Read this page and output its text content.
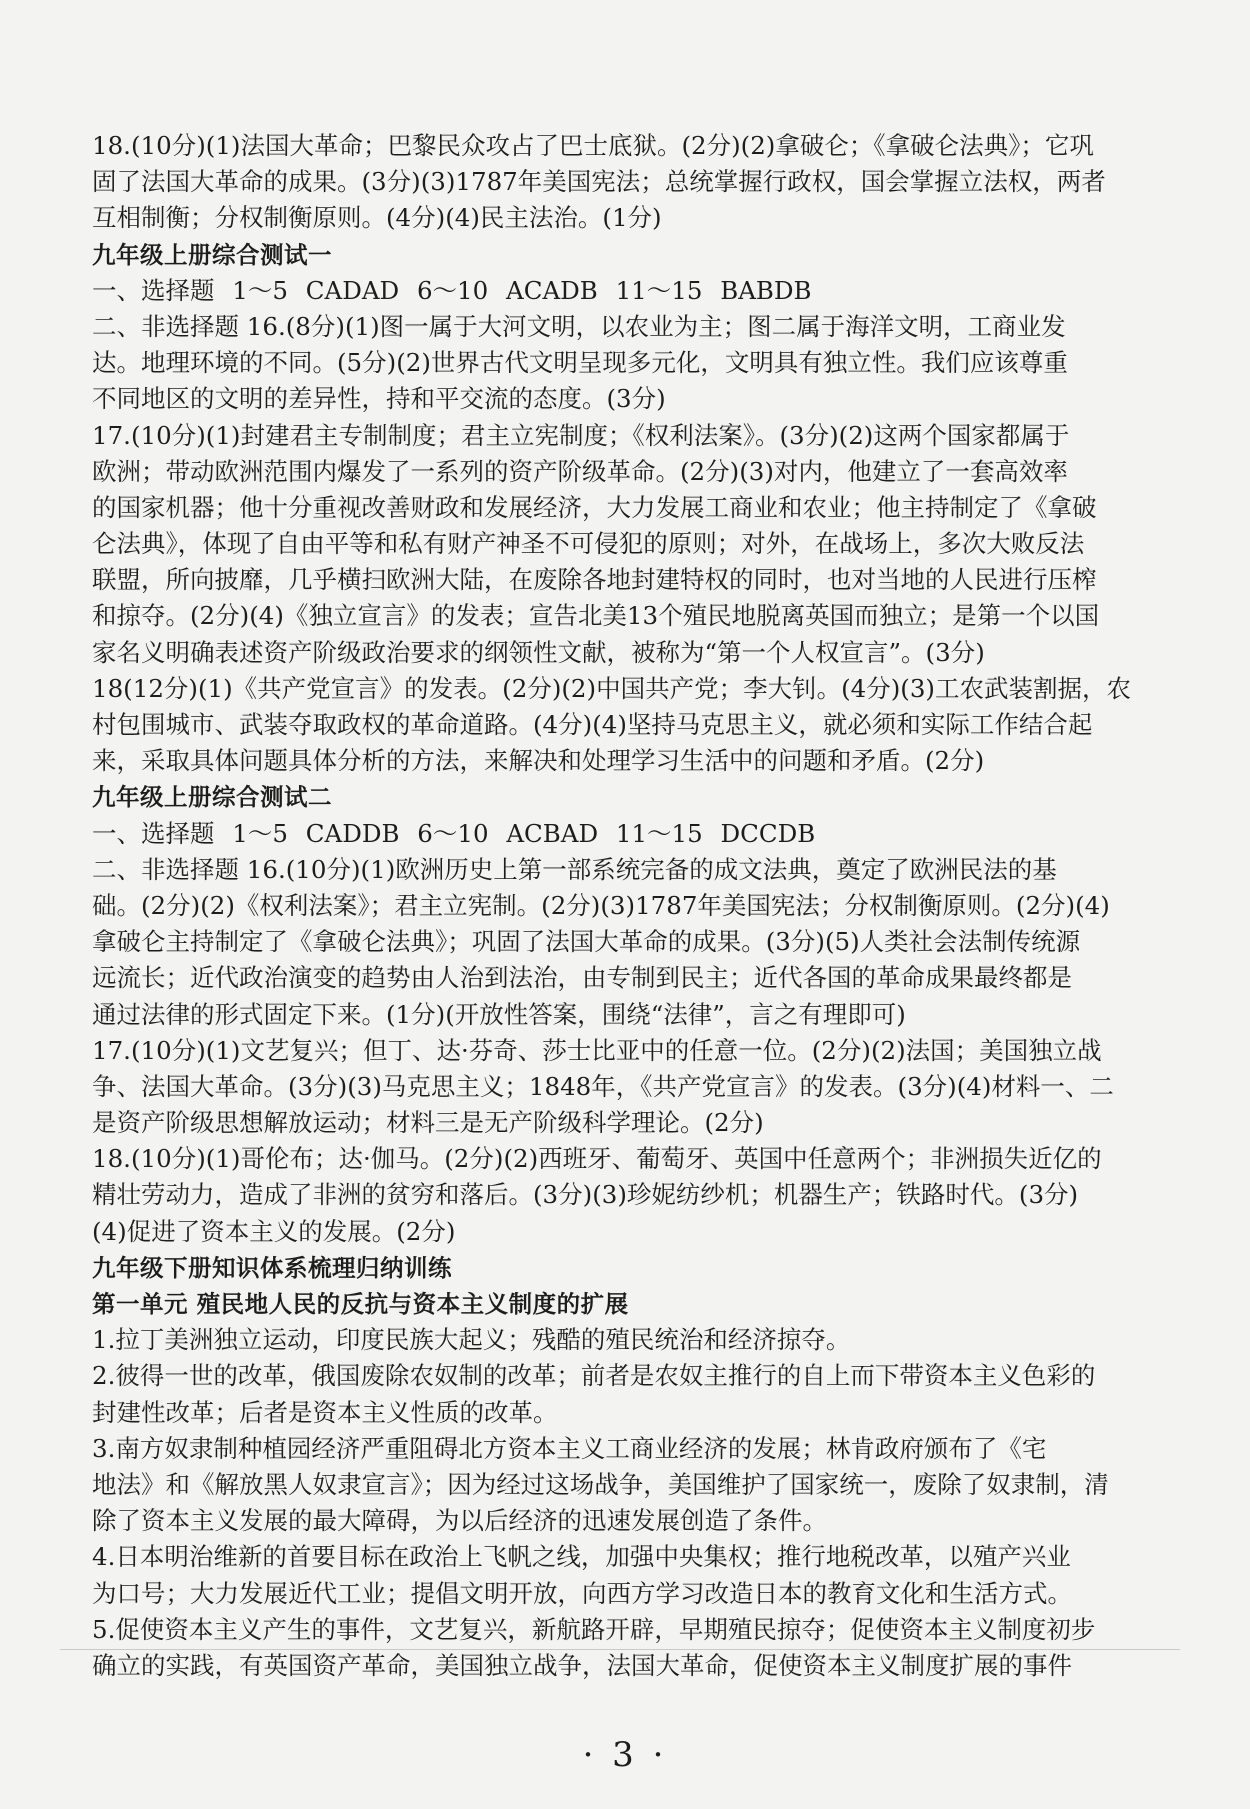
18.(10分)(1)法国大革命；巴黎民众攻占了巴士底狱。(2分)(2)拿破仑；《拿破仑法典》；它巩
固了法国大革命的成果。(3分)(3)1787年美国宪法；总统掌握行政权，国会掌握立法权，两者
互相制衡；分权制衡原则。(4分)(4)民主法治。(1分)
九年级上册综合测试一
一、选择题 1～5 CADAD 6～10 ACADB 11～15 BABDB
二、非选择题 16.(8分)(1)图一属于大河文明，以农业为主；图二属于海洋文明，工商业发
达。地理环境的不同。(5分)(2)世界古代文明呈现多元化，文明具有独立性。我们应该尊重
不同地区的文明的差异性，持和平交流的态度。(3分)
17.(10分)(1)封建君主专制制度；君主立宪制度；《权利法案》。(3分)(2)这两个国家都属于
欧洲；带动欧洲范围内爆发了一系列的资产阶级革命。(2分)(3)对内，他建立了一套高效率
的国家机器；他十分重视改善财政和发展经济，大力发展工商业和农业；他主持制定了《拿破
仑法典》，体现了自由平等和私有财产神圣不可侵犯的原则；对外，在战场上，多次大败反法
联盟，所向披靡，几乎横扫欧洲大陆，在废除各地封建特权的同时，也对当地的人民进行压榨
和掠夺。(2分)(4)《独立宣言》的发表；宣告北美13个殖民地脱离英国而独立；是第一个以国
家名义明确表述资产阶级政治要求的纲领性文献，被称为“第一个人权宣言”。(3分)
18(12分)(1)《共产党宣言》的发表。(2分)(2)中国共产党；李大钊。(4分)(3)工农武装割据，农
村包围城市、武装夺取政权的革命道路。(4分)(4)坚持马克思主义，就必须和实际工作结合起
来，采取具体问题具体分析的方法，来解决和处理学习生活中的问题和矛盾。(2分)
九年级上册综合测试二
一、选择题 1～5 CADDB 6～10 ACBAD 11～15 DCCDB
二、非选择题 16.(10分)(1)欧洲历史上第一部系统完备的成文法典，奠定了欧洲民法的基
础。(2分)(2)《权利法案》；君主立宪制。(2分)(3)1787年美国宪法；分权制衡原则。(2分)(4)
拿破仑主持制定了《拿破仑法典》；巩固了法国大革命的成果。(3分)(5)人类社会法制传统源
远流长；近代政治演变的趋势由人治到法治，由专制到民主；近代各国的革命成果最终都是
通过法律的形式固定下来。(1分)(开放性答案，围绕“法律”，言之有理即可)
17.(10分)(1)文艺复兴；但丁、达·芬奇、莎士比亚中的任意一位。(2分)(2)法国；美国独立战
争、法国大革命。(3分)(3)马克思主义；1848年，《共产党宣言》的发表。(3分)(4)材料一、二
是资产阶级思想解放运动；材料三是无产阶级科学理论。(2分)
18.(10分)(1)哥伦布；达·伽马。(2分)(2)西班牙、葡萄牙、英国中任意两个；非洲损失近亿的
精壮劳动力，造成了非洲的贫穷和落后。(3分)(3)珍妮纺纱机；机器生产；铁路时代。(3分)
(4)促进了资本主义的发展。(2分)
九年级下册知识体系梳理归纳训练
第一单元 殖民地人民的反抗与资本主义制度的扩展
1.拉丁美洲独立运动，印度民族大起义；残酷的殖民统治和经济掠夺。
2.彼得一世的改革，俄国废除农奴制的改革；前者是农奴主推行的自上而下带资本主义色彩的
封建性改革；后者是资本主义性质的改革。
3.南方奴隶制种植园经济严重阻碍北方资本主义工商业经济的发展；林肯政府颁布了《宅
地法》和《解放黑人奴隶宣言》；因为经过这场战争，美国维护了国家统一，废除了奴隶制，清
除了资本主义发展的最大障碍，为以后经济的迅速发展创造了条件。
4.日本明治维新的首要目标在政治上飞帆之线，加强中央集权；推行地税改革，以殖产兴业
为口号；大力发展近代工业；提倡文明开放，向西方学习改造日本的教育文化和生活方式。
5.促使资本主义产生的事件，文艺复兴，新航路开辟，早期殖民掠夺；促使资本主义制度初步
确立的实践，有英国资产革命，美国独立战争，法国大革命，促使资本主义制度扩展的事件
· 3 ·
